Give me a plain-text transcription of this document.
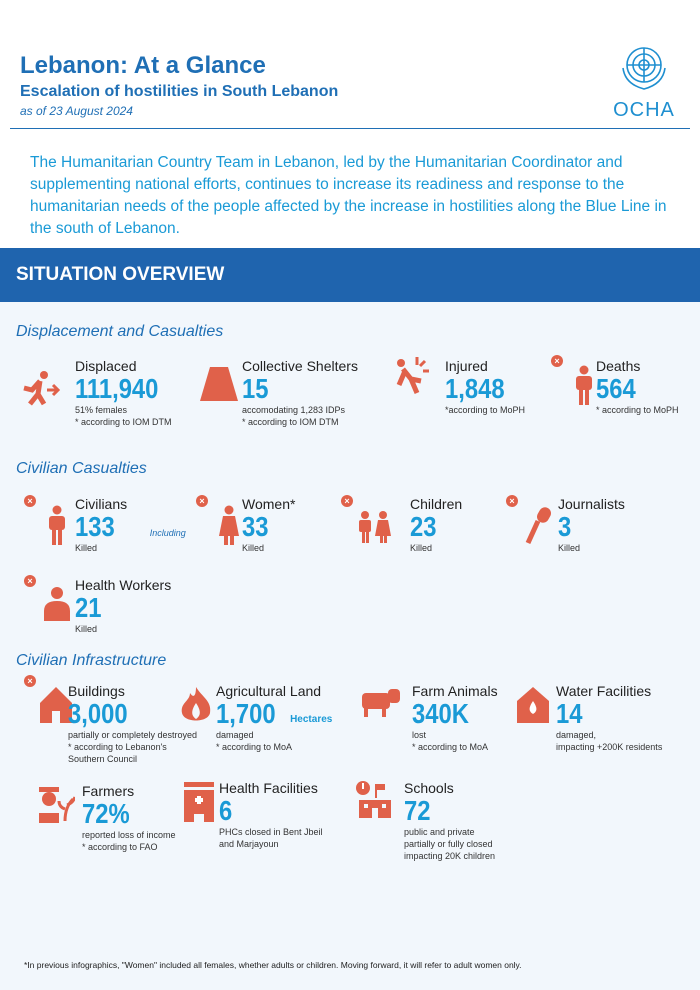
Lebanon: At a Glance
Escalation of hostilities in South Lebanon
as of 23 August 2024	OCHA
The Humanitarian Country Team in Lebanon, led by the Humanitarian Coordinator and supplementing national efforts, continues to increase its readiness and response to the humanitarian needs of the people affected by the increase in hostilities along the Blue Line in the south of Lebanon.
SITUATION OVERVIEW
Displacement and Casualties
Civilian Casualties
Civilian Infrastructure
Displaced
111,940
51% females
* according to IOM DTM
Collective Shelters
15
accomodating 1,283 IDPs
* according to IOM DTM
Injured
1,848
*according to MoPH
×	Deaths
564
* according to MoPH
×	Civilians
133	Including
Killed
×	Women*
33
Killed
×	Children
23
Killed
×	Journalists
3
Killed
×	Health Workers
21
Killed
×
Buildings
3,000
partially or completely destroyed
* according to Lebanon's
Southern Council
Agricultural Land
1,700 Hectares
damaged
* according to MoA
Farm Animals
340K
lost
* according to MoA
Water Facilities
14
damaged,
impacting +200K residents
Farmers
72%
reported loss of income
* according to FAO
Health Facilities
6
PHCs closed in Bent Jbeil
and Marjayoun
Schools
72
public and private
partially or fully closed
impacting 20K children
*In previous infographics, "Women" included all females, whether adults or children. Moving forward, it will refer to adult women only.
